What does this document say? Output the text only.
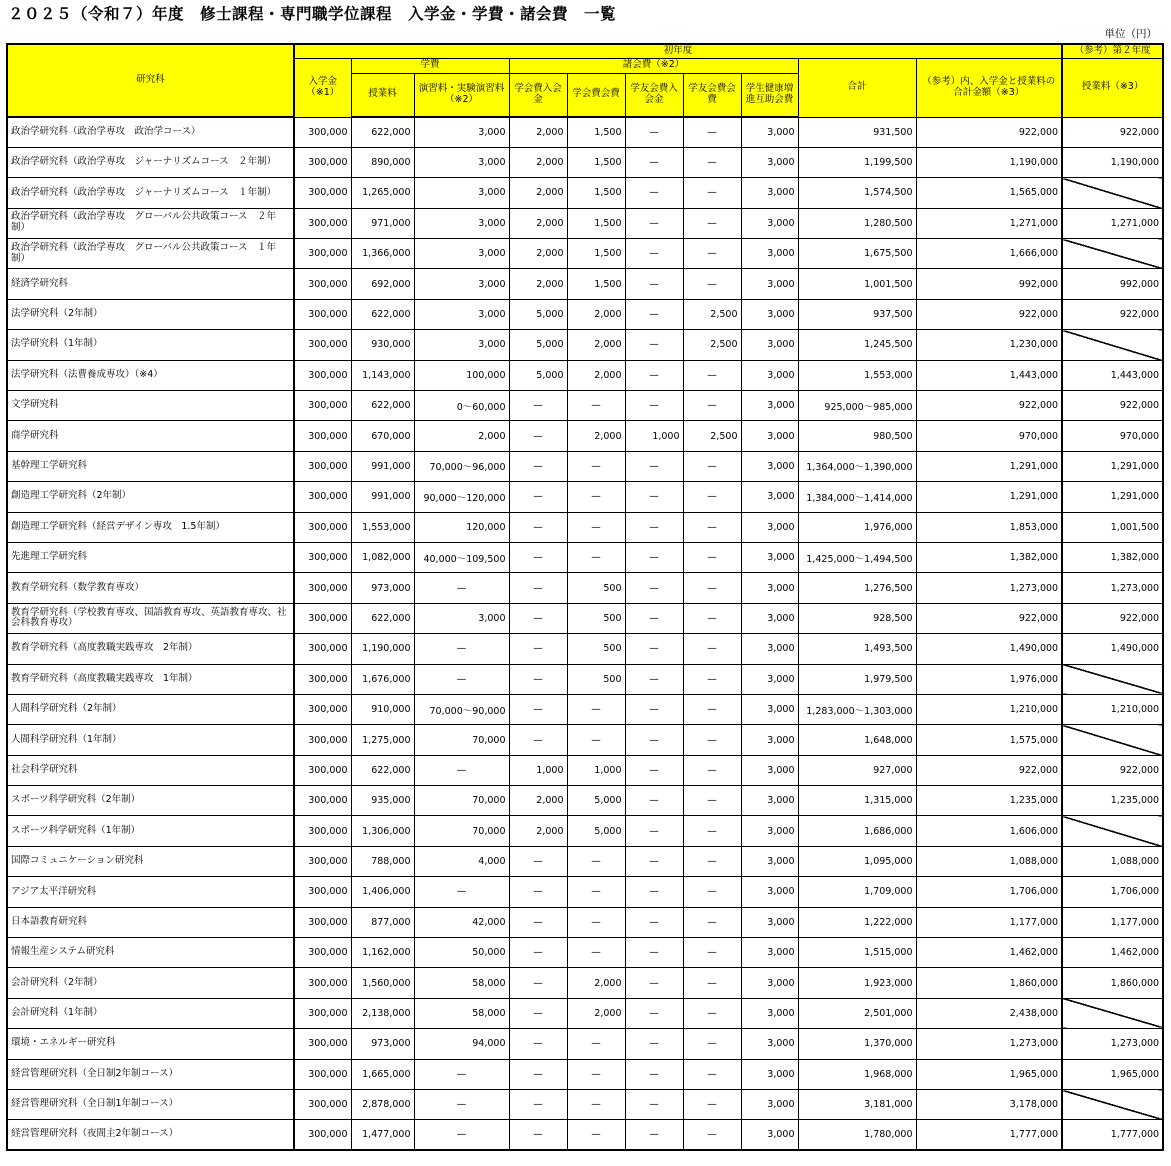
２０２５（令和７）年度　修士課程・専門職学位課程　入学金・学費・諸会費　一覧
単位（円）
研究科	初年度										（参考）第２年度
	入学金（※1）	学費		諸会費（※2）					合計	（参考）内、入学金と授業料の合計金額（※3）	授業料（※3）
		授業料	演習料・実験演習料（※2）	学会費入会金	学会費会費	学友会費入会金	学友会費会費	学生健康増進互助会費			
政治学研究科（政治学専攻　政治学コース）	300,000	622,000	3,000	2,000	1,500	—	—	3,000	931,500	922,000	922,000
政治学研究科（政治学専攻　ジャーナリズムコース　２年制）	300,000	890,000	3,000	2,000	1,500	—	—	3,000	1,199,500	1,190,000	1,190,000
政治学研究科（政治学専攻　ジャーナリズムコース　１年制）	300,000	1,265,000	3,000	2,000	1,500	—	—	3,000	1,574,500	1,565,000	
政治学研究科（政治学専攻　グローバル公共政策コース　２年制）	300,000	971,000	3,000	2,000	1,500	—	—	3,000	1,280,500	1,271,000	1,271,000
政治学研究科（政治学専攻　グローバル公共政策コース　１年制）	300,000	1,366,000	3,000	2,000	1,500	—	—	3,000	1,675,500	1,666,000	
経済学研究科	300,000	692,000	3,000	2,000	1,500	—	—	3,000	1,001,500	992,000	992,000
法学研究科（2年制）	300,000	622,000	3,000	5,000	2,000	—	2,500	3,000	937,500	922,000	922,000
法学研究科（1年制）	300,000	930,000	3,000	5,000	2,000	—	2,500	3,000	1,245,500	1,230,000	
法学研究科（法曹養成専攻）（※4）	300,000	1,143,000	100,000	5,000	2,000	—	—	3,000	1,553,000	1,443,000	1,443,000
文学研究科	300,000	622,000	0～60,000	—	—	—	—	3,000	925,000～985,000	922,000	922,000
商学研究科	300,000	670,000	2,000	—	2,000	1,000	2,500	3,000	980,500	970,000	970,000
基幹理工学研究科	300,000	991,000	70,000～96,000	—	—	—	—	3,000	1,364,000～1,390,000	1,291,000	1,291,000
創造理工学研究科（2年制）	300,000	991,000	90,000～120,000	—	—	—	—	3,000	1,384,000～1,414,000	1,291,000	1,291,000
創造理工学研究科（経営デザイン専攻　1.5年制）	300,000	1,553,000	120,000	—	—	—	—	3,000	1,976,000	1,853,000	1,001,500
先進理工学研究科	300,000	1,082,000	40,000～109,500	—	—	—	—	3,000	1,425,000～1,494,500	1,382,000	1,382,000
教育学研究科（数学教育専攻）	300,000	973,000	—	—	500	—	—	3,000	1,276,500	1,273,000	1,273,000
教育学研究科（学校教育専攻、国語教育専攻、英語教育専攻、社会科教育専攻）	300,000	622,000	3,000	—	500	—	—	3,000	928,500	922,000	922,000
教育学研究科（高度教職実践専攻　2年制）	300,000	1,190,000	—	—	500	—	—	3,000	1,493,500	1,490,000	1,490,000
教育学研究科（高度教職実践専攻　1年制）	300,000	1,676,000	—	—	500	—	—	3,000	1,979,500	1,976,000	
人間科学研究科（2年制）	300,000	910,000	70,000～90,000	—	—	—	—	3,000	1,283,000～1,303,000	1,210,000	1,210,000
人間科学研究科（1年制）	300,000	1,275,000	70,000	—	—	—	—	3,000	1,648,000	1,575,000	
社会科学研究科	300,000	622,000	—	1,000	1,000	—	—	3,000	927,000	922,000	922,000
スポーツ科学研究科（2年制）	300,000	935,000	70,000	2,000	5,000	—	—	3,000	1,315,000	1,235,000	1,235,000
スポーツ科学研究科（1年制）	300,000	1,306,000	70,000	2,000	5,000	—	—	3,000	1,686,000	1,606,000	
国際コミュニケーション研究科	300,000	788,000	4,000	—	—	—	—	3,000	1,095,000	1,088,000	1,088,000
アジア太平洋研究科	300,000	1,406,000	—	—	—	—	—	3,000	1,709,000	1,706,000	1,706,000
日本語教育研究科	300,000	877,000	42,000	—	—	—	—	3,000	1,222,000	1,177,000	1,177,000
情報生産システム研究科	300,000	1,162,000	50,000	—	—	—	—	3,000	1,515,000	1,462,000	1,462,000
会計研究科（2年制）	300,000	1,560,000	58,000	—	2,000	—	—	3,000	1,923,000	1,860,000	1,860,000
会計研究科（1年制）	300,000	2,138,000	58,000	—	2,000	—	—	3,000	2,501,000	2,438,000	
環境・エネルギー研究科	300,000	973,000	94,000	—	—	—	—	3,000	1,370,000	1,273,000	1,273,000
経営管理研究科（全日制2年制コース）	300,000	1,665,000	—	—	—	—	—	3,000	1,968,000	1,965,000	1,965,000
経営管理研究科（全日制1年制コース）	300,000	2,878,000	—	—	—	—	—	3,000	3,181,000	3,178,000	
経営管理研究科（夜間主2年制コース）	300,000	1,477,000	—	—	—	—	—	3,000	1,780,000	1,777,000	1,777,000
